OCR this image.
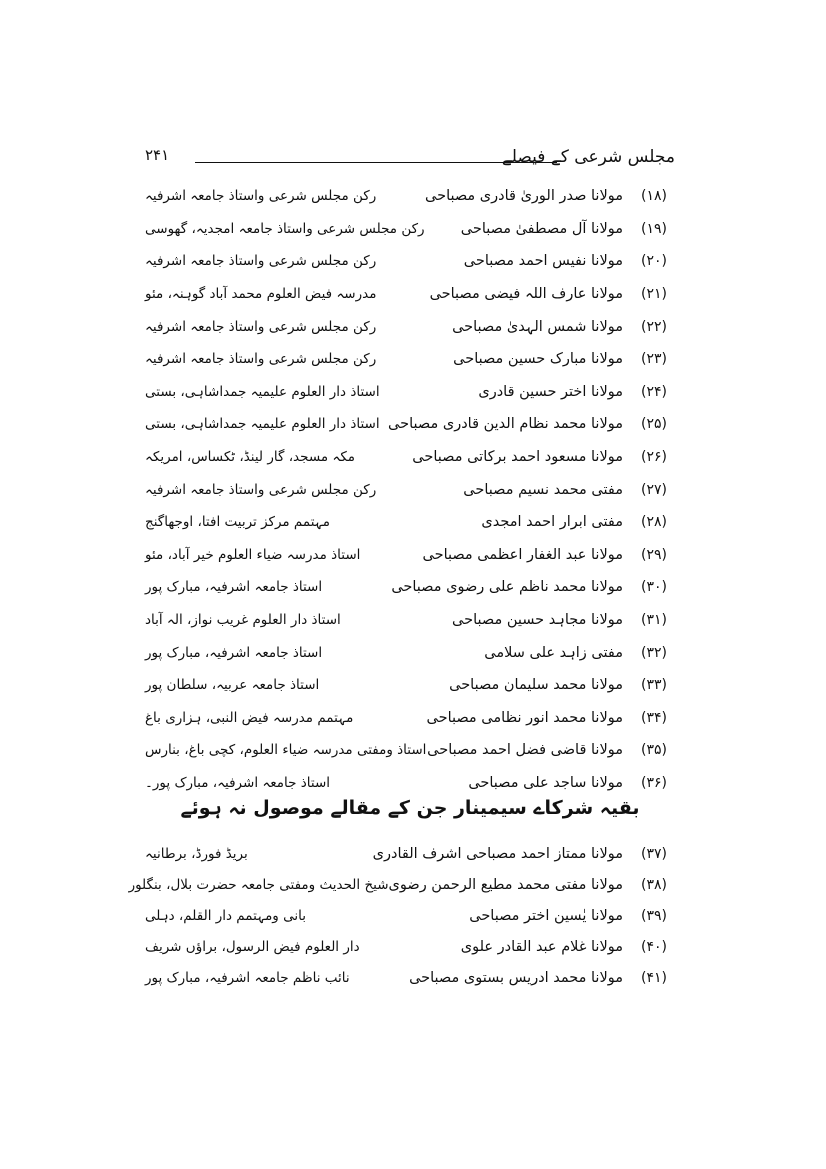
مجلس شرعی کے فیصلے
۲۴۱
(۱۸)
مولانا صدر الوریٰ قادری مصباحی
رکن مجلس شرعی واستاذ جامعہ اشرفیہ
(۱۹)
مولانا آل مصطفیٰ مصباحی
رکن مجلس شرعی واستاذ جامعہ امجدیہ، گھوسی
(۲۰)
مولانا نفیس احمد مصباحی
رکن مجلس شرعی واستاذ جامعہ اشرفیہ
(۲۱)
مولانا عارف اللہ فیضی مصباحی
مدرسہ فیض العلوم محمد آباد گوہنہ، مئو
(۲۲)
مولانا شمس الہدیٰ مصباحی
رکن مجلس شرعی واستاذ جامعہ اشرفیہ
(۲۳)
مولانا مبارک حسین مصباحی
رکن مجلس شرعی واستاذ جامعہ اشرفیہ
(۲۴)
مولانا اختر حسین قادری
استاذ دار العلوم علیمیہ جمداشاہی، بستی
(۲۵)
مولانا محمد نظام الدین قادری مصباحی
استاذ دار العلوم علیمیہ جمداشاہی، بستی
(۲۶)
مولانا مسعود احمد برکاتی مصباحی
مکہ مسجد، گار لینڈ، ٹکساس، امریکہ
(۲۷)
مفتی محمد نسیم مصباحی
رکن مجلس شرعی واستاذ جامعہ اشرفیہ
(۲۸)
مفتی ابرار احمد امجدی
مہتمم مرکز تربیت افتا، اوجھاگنج
(۲۹)
مولانا عبد الغفار اعظمی مصباحی
استاذ مدرسہ ضیاء العلوم خیر آباد، مئو
(۳۰)
مولانا محمد ناظم علی رضوی مصباحی
استاذ جامعہ اشرفیہ، مبارک پور
(۳۱)
مولانا مجاہد حسین مصباحی
استاذ دار العلوم غریب نواز، الہ آباد
(۳۲)
مفتی زاہد علی سلامی
استاذ جامعہ اشرفیہ، مبارک پور
(۳۳)
مولانا محمد سلیمان مصباحی
استاذ جامعہ عربیہ، سلطان پور
(۳۴)
مولانا محمد انور نظامی مصباحی
مہتمم مدرسہ فیض النبی، ہزاری باغ
(۳۵)
مولانا قاضی فضل احمد مصباحی
استاذ ومفتی مدرسہ ضیاء العلوم، کچی باغ، بنارس
(۳۶)
مولانا ساجد علی مصباحی
استاذ جامعہ اشرفیہ، مبارک پور۔
بقیہ شرکاے سیمینار جن کے مقالے موصول نہ ہوئے
(۳۷)
مولانا ممتاز احمد مصباحی اشرف القادری
بریڈ فورڈ، برطانیہ
(۳۸)
مولانا مفتی محمد مطیع الرحمن رضوی
شیخ الحدیث ومفتی جامعہ حضرت بلال، بنگلور
(۳۹)
مولانا یٰسین اختر مصباحی
بانی ومہتمم دار القلم، دہلی
(۴۰)
مولانا غلام عبد القادر علوی
دار العلوم فیض الرسول، براؤں شریف
(۴۱)
مولانا محمد ادریس بستوی مصباحی
نائب ناظم جامعہ اشرفیہ، مبارک پور
